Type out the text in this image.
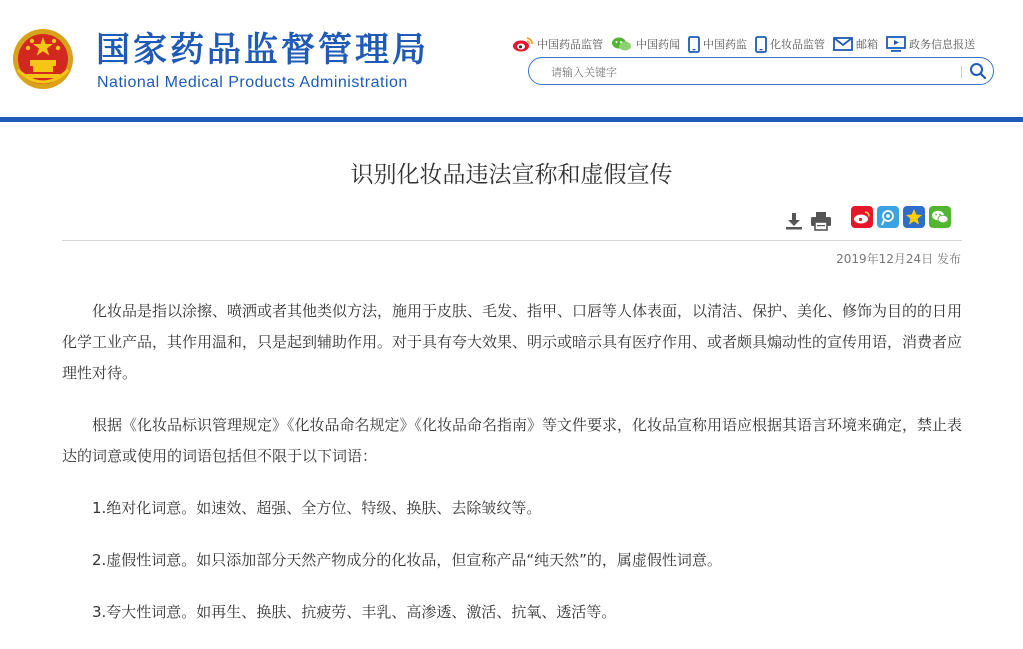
国家药品监督管理局
National Medical Products Administration
中国药品监管	中国药闻 中国药监 化妆品监管	邮箱	政务信息报送
请输入关键字
识别化妆品违法宣称和虚假宣传
2019年12月24日 发布

化妆品是指以涂擦、喷洒或者其他类似方法，施用于皮肤、毛发、指甲、口唇等人体表面，以清洁、保护、美化、修饰为目的的日用化学工业产品，其作用温和，只是起到辅助作用。对于具有夸大效果、明示或暗示具有医疗作用、或者颇具煽动性的宣传用语，消费者应理性对待。

根据《化妆品标识管理规定》《化妆品命名规定》《化妆品命名指南》等文件要求，化妆品宣称用语应根据其语言环境来确定，禁止表达的词意或使用的词语包括但不限于以下词语：

1.绝对化词意。如速效、超强、全方位、特级、换肤、去除皱纹等。

2.虚假性词意。如只添加部分天然产物成分的化妆品，但宣称产品“纯天然”的，属虚假性词意。

3.夸大性词意。如再生、换肤、抗疲劳、丰乳、高渗透、激活、抗氧、透活等。
